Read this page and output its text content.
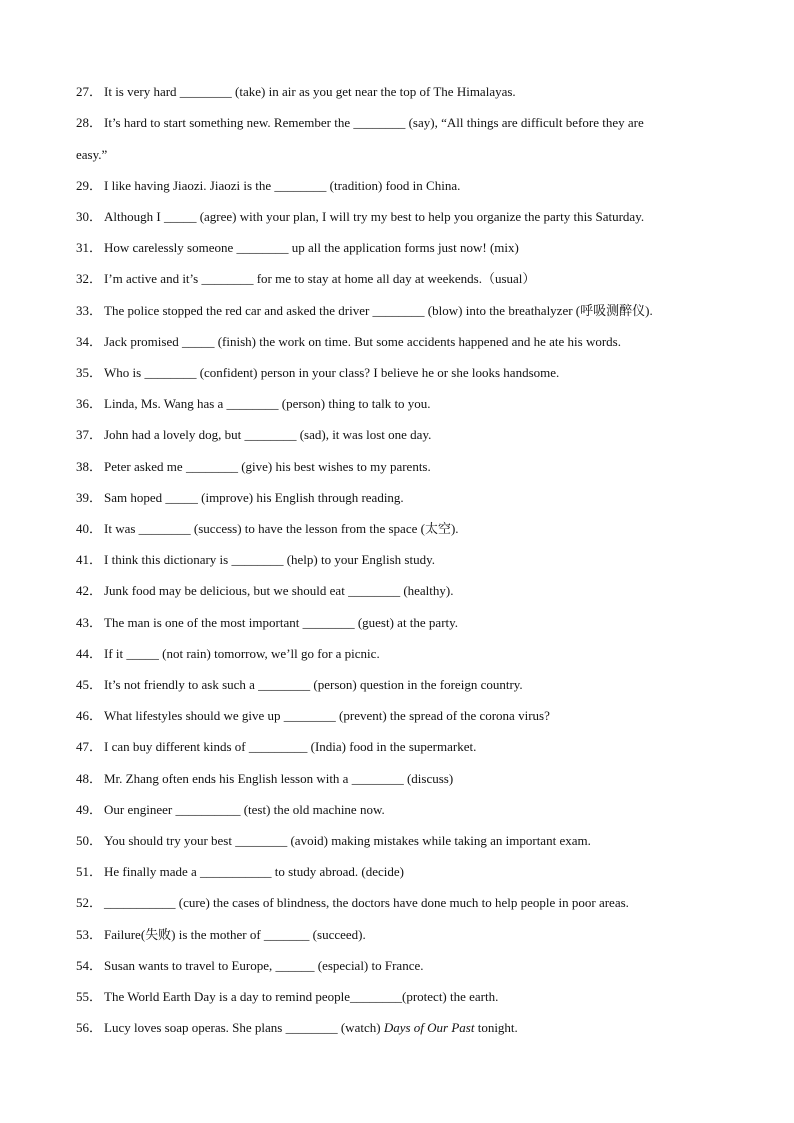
27． It is very hard ________ (take) in air as you get near the top of The Himalayas.
28． It’s hard to start something new. Remember the ________ (say), “All things are difficult before they are
easy.”
29． I like having Jiaozi. Jiaozi is the ________ (tradition) food in China.
30． Although I _____ (agree) with your plan, I will try my best to help you organize the party this Saturday.
31． How carelessly someone ________ up all the application forms just now! (mix)
32． I’m active and it’s ________ for me to stay at home all day at weekends.（usual）
33． The police stopped the red car and asked the driver ________ (blow) into the breathalyzer (呼吸测醉仪).
34． Jack promised _____ (finish) the work on time. But some accidents happened and he ate his words.
35． Who is ________ (confident) person in your class? I believe he or she looks handsome.
36． Linda, Ms. Wang has a ________ (person) thing to talk to you.
37． John had a lovely dog, but ________ (sad), it was lost one day.
38． Peter asked me ________ (give) his best wishes to my parents.
39． Sam hoped _____ (improve) his English through reading.
40． It was ________ (success) to have the lesson from the space (太空).
41． I think this dictionary is ________ (help) to your English study.
42． Junk food may be delicious, but we should eat ________ (healthy).
43． The man is one of the most important ________ (guest) at the party.
44． If it _____ (not rain) tomorrow, we’ll go for a picnic.
45． It’s not friendly to ask such a ________ (person) question in the foreign country.
46． What lifestyles should we give up ________ (prevent) the spread of the corona virus?
47． I can buy different kinds of _________ (India) food in the supermarket.
48． Mr. Zhang often ends his English lesson with a ________ (discuss)
49． Our engineer __________ (test) the old machine now.
50． You should try your best ________ (avoid) making mistakes while taking an important exam.
51． He finally made a ___________ to study abroad. (decide)
52． ___________ (cure) the cases of blindness, the doctors have done much to help people in poor areas.
53． Failure(失败) is the mother of _______ (succeed).
54． Susan wants to travel to Europe, ______ (especial) to France.
55． The World Earth Day is a day to remind people________(protect) the earth.
56． Lucy loves soap operas. She plans ________ (watch) Days of Our Past tonight.
